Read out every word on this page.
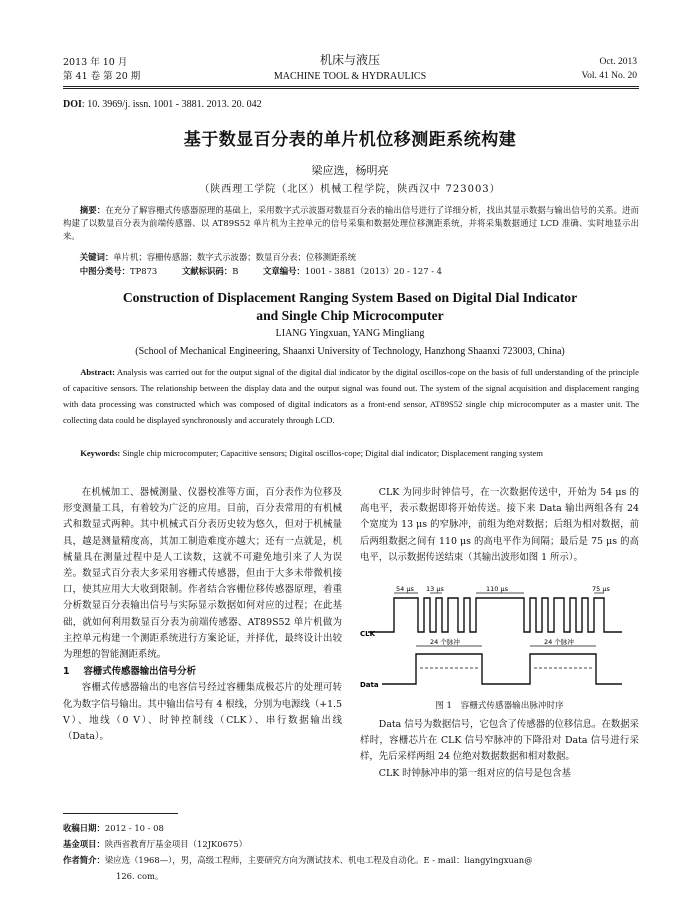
2013 年 10 月
第 41 卷 第 20 期
机床与液压
MACHINE TOOL & HYDRAULICS
Oct. 2013
Vol. 41 No. 20
DOI: 10. 3969/j. issn. 1001 - 3881. 2013. 20. 042
基于数显百分表的单片机位移测距系统构建
梁应选，杨明亮
（陕西理工学院（北区）机械工程学院，陕西汉中 723003）
摘要：在充分了解容栅式传感器原理的基础上，采用数字式示波器对数显百分表的输出信号进行了详细分析，找出其显示数据与输出信号的关系。进而构建了以数显百分表为前端传感器、以 AT89S52 单片机为主控单元的信号采集和数据处理位移测距系统，并将采集数据通过 LCD 准确、实时地显示出来。
关键词：单片机；容栅传感器；数字式示波器；数显百分表；位移测距系统
中图分类号：TP873	文献标识码：B	文章编号：1001 - 3881（2013）20 - 127 - 4
Construction of Displacement Ranging System Based on Digital Dial Indicator
and Single Chip Microcomputer
LIANG Yingxuan, YANG Mingliang
(School of Mechanical Engineering, Shaanxi University of Technology, Hanzhong Shaanxi 723003, China)
Abstract: Analysis was carried out for the output signal of the digital dial indicator by the digital oscillos-cope on the basis of full understanding of the principle of capacitive sensors. The relationship between the display data and the output signal was found out. The system of the signal acquisition and displacement ranging with data processing was constructed which was composed of digital indicators as a front-end sensor, AT89S52 single chip microcomputer as a master unit. The collecting data could be displayed synchronously and accurately through LCD.
Keywords: Single chip microcomputer; Capacitive sensors; Digital oscillos-cope; Digital dial indicator; Displacement ranging system

在机械加工、器械测量、仪器校准等方面，百分表作为位移及形变测量工具，有着较为广泛的应用。目前，百分表常用的有机械式和数显式两种。其中机械式百分表历史较为悠久，但对于机械量具，越是测量精度高，其加工制造难度亦越大；还有一点就是，机械量具在测量过程中是人工读数，这就不可避免地引来了人为误差。数显式百分表大多采用容栅式传感器，但由于大多未带微机接口，使其应用大大收到限制。作者结合容栅位移传感器原理，着重分析数显百分表输出信号与实际显示数据如何对应的过程；在此基础，就如何利用数显百分表为前端传感器、AT89S52 单片机做为主控单元构建一个测距系统进行方案论证，并择优，最终设计出较为理想的智能测距系统。

1 容栅式传感器输出信号分析

容栅式传感器输出的电容信号经过容栅集成极芯片的处理可转化为数字信号输出。其中输出信号有 4 根线，分别为电源线（+1.5 V）、地线（0 V）、时钟控制线（CLK）、串行数据输出线（Data）。

CLK 为同步时钟信号，在一次数据传送中，开始为 54 μs 的高电平，表示数据即将开始传送。接下来 Data 输出两组各有 24 个宽度为 13 μs 的窄脉冲，前组为绝对数据；后组为相对数据，前后两组数据之间有 110 μs 的高电平作为间隔；最后是 75 μs 的高电平，以示数据传送结束（其输出波形如图 1 所示）。

54 μs 13 μs	110 μs	75 μs
CLK
24 个脉冲	24 个脉冲
Data
图 1　容栅式传感器输出脉冲时序

Data 信号为数据信号，它包含了传感器的位移信息。在数据采样时，容栅芯片在 CLK 信号窄脉冲的下降沿对 Data 信号进行采样，先后采样两组 24 位绝对数据数据和相对数据。

CLK 时钟脉冲串的第一组对应的信号是包含基

收稿日期：2012 - 10 - 08
基金项目：陕西省教育厅基金项目（12JK0675）
作者简介：梁应选（1968—），男，高级工程师，主要研究方向为测试技术、机电工程及自动化。E - mail：liangyingxuan@
126. com。
